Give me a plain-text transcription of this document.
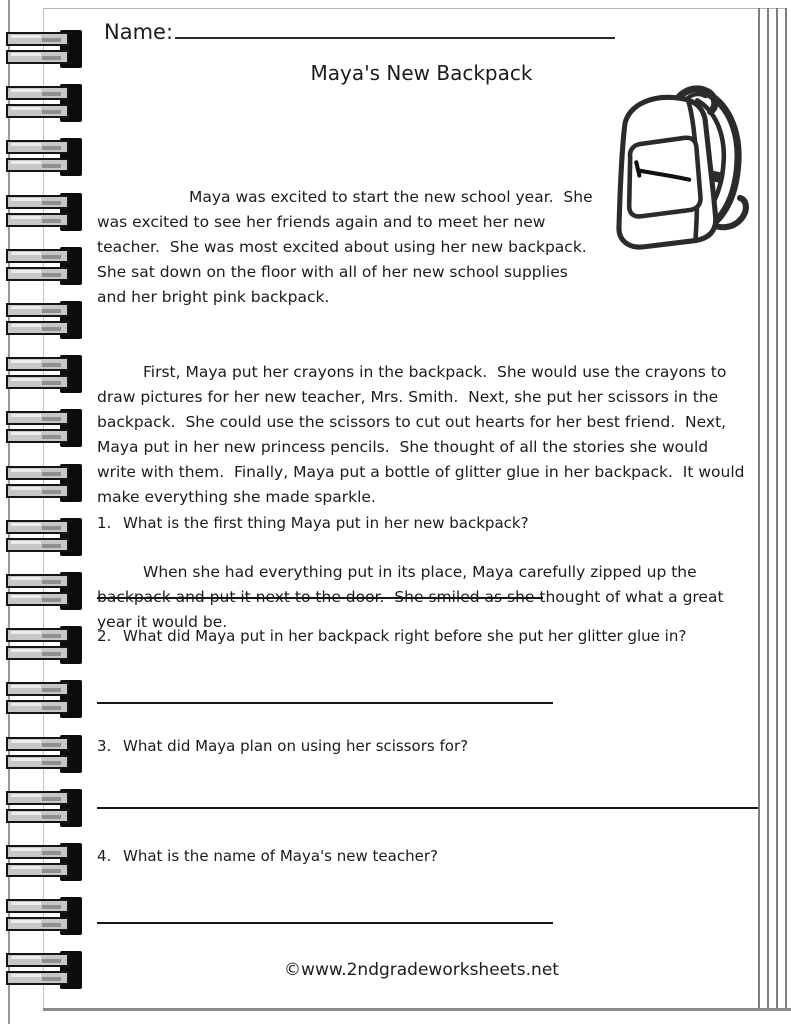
Name:
Maya's New Backpack

Maya was excited to start the new school year.  She was excited to see her friends again and to meet her new teacher.  She was most excited about using her new backpack.  She sat down on the floor with all of her new school supplies and her bright pink backpack.

First, Maya put her crayons in the backpack.  She would use the crayons to draw pictures for her new teacher, Mrs. Smith.  Next, she put her scissors in the backpack.  She could use the scissors to cut out hearts for her best friend.  Next, Maya put in her new princess pencils.  She thought of all the stories she would write with them.  Finally, Maya put a bottle of glitter glue in her backpack.  It would make everything she made sparkle.

When she had everything put in its place, Maya carefully zipped up the backpack and put it next to the door.  She smiled as she thought of what a great year it would be.

1. What is the first thing Maya put in her new backpack?
2. What did Maya put in her backpack right before she put her glitter glue in?
3. What did Maya plan on using her scissors for?
4. What is the name of Maya's new teacher?
©www.2ndgradeworksheets.net
